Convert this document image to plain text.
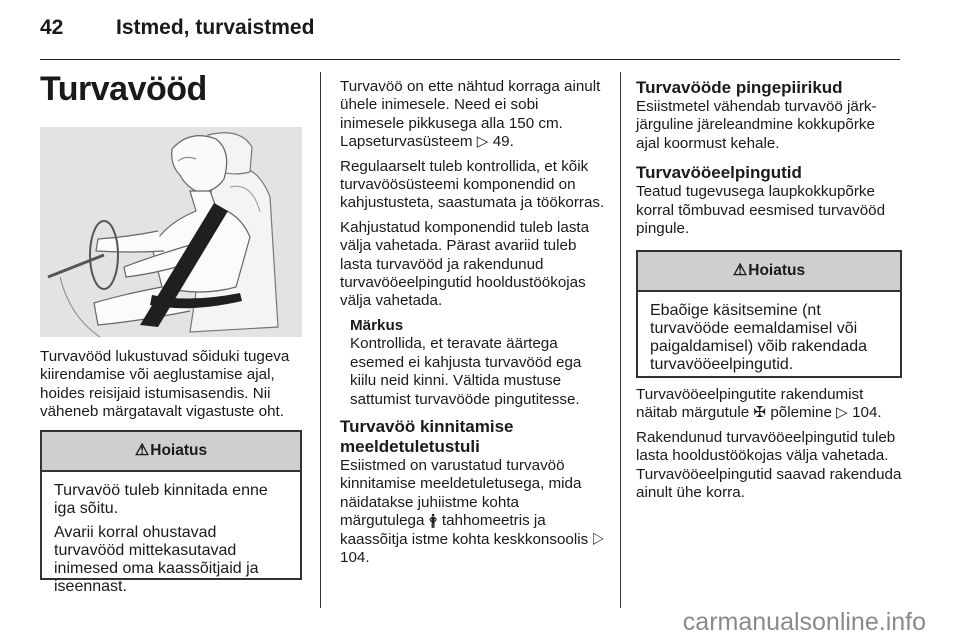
42	Istmed, turvaistmed
Turvavööd

Turvavööd lukustuvad sõiduki tugeva kiirendamise või aeglustamise ajal, hoides reisijaid istumisasendis. Nii väheneb märgatavalt vigastuste oht.

⚠Hoiatus

Turvavöö tuleb kinnitada enne iga sõitu.

Avarii korral ohustavad turvavööd mittekasutavad inimesed oma kaassõitjaid ja iseennast.

Turvavöö on ette nähtud korraga ainult ühele inimesele. Need ei sobi inimesele pikkusega alla 150 cm. Lapseturvasüsteem ▷ 49.

Regulaarselt tuleb kontrollida, et kõik turvavöösüsteemi komponendid on kahjustusteta, saastumata ja töökorras.

Kahjustatud komponendid tuleb lasta välja vahetada. Pärast avariid tuleb lasta turvavööd ja rakendunud turvavööeelpingutid hooldustöökojas välja vahetada.

Märkus
Kontrollida, et teravate äärtega esemed ei kahjusta turvavööd ega kiilu neid kinni. Vältida mustuse sattumist turvavööde pingutitesse.
Turvavöö kinnitamise meeldetuletustuli

Esiistmed on varustatud turvavöö kinnitamise meeldetuletusega, mida näidatakse juhiistme kohta märgutulega 🛉 tahhomeetris ja kaassõitja istme kohta keskkonsoolis ▷ 104.

Turvavööde pingepiirikud

Esiistmetel vähendab turvavöö järk-järguline järeleandmine kokkupõrke ajal koormust kehale.

Turvavööeelpingutid

Teatud tugevusega laupkokkupõrke korral tõmbuvad eesmised turvavööd pingule.

⚠Hoiatus

Ebaõige käsitsemine (nt turvavööde eemaldamisel või paigaldamisel) võib rakendada turvavööeelpingutid.

Turvavööeelpingutite rakendumist näitab märgutule ✠ põlemine ▷ 104.

Rakendunud turvavööeelpingutid tuleb lasta hooldustöökojas välja vahetada. Turvavööeelpingutid saavad rakenduda ainult ühe korra.

carmanualsonline.info
